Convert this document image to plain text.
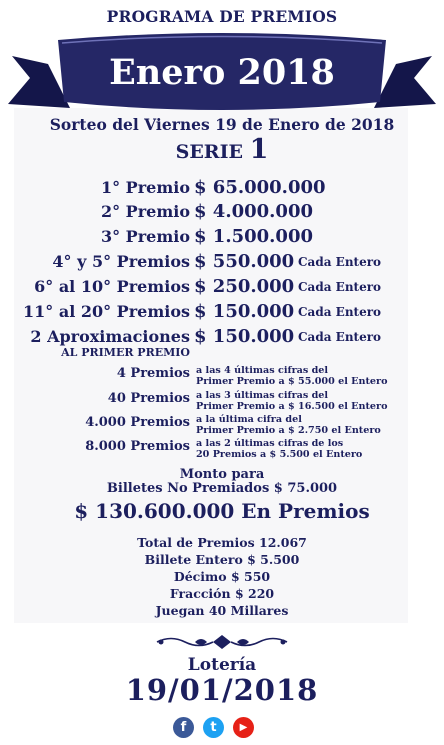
PROGRAMA DE PREMIOS
Enero 2018
Sorteo del Viernes 19 de Enero de 2018
SERIE 1
1° Premio $ 65.000.000
2° Premio $ 4.000.000
3° Premio $ 1.500.000
4° y 5° Premios $ 550.000 Cada Entero
6° al 10° Premios $ 250.000 Cada Entero
11° al 20° Premios $ 150.000 Cada Entero
2 Aproximaciones
AL PRIMER PREMIO
$ 150.000 Cada Entero
4 Premios a las 4 últimas cifras del
Primer Premio a $ 55.000 el Entero
40 Premios a las 3 últimas cifras del
Primer Premio a $ 16.500 el Entero
4.000 Premios a la última cifra del
Primer Premio a $ 2.750 el Entero
8.000 Premios a las 2 últimas cifras de los
20 Premios a $ 5.500 el Entero
Monto para
Billetes No Premiados $ 75.000
$ 130.600.000 En Premios
Total de Premios 12.067
Billete Entero $ 5.500
Décimo $ 550
Fracción $ 220
Juegan 40 Millares
Lotería
19/01/2018
f	t	▶
